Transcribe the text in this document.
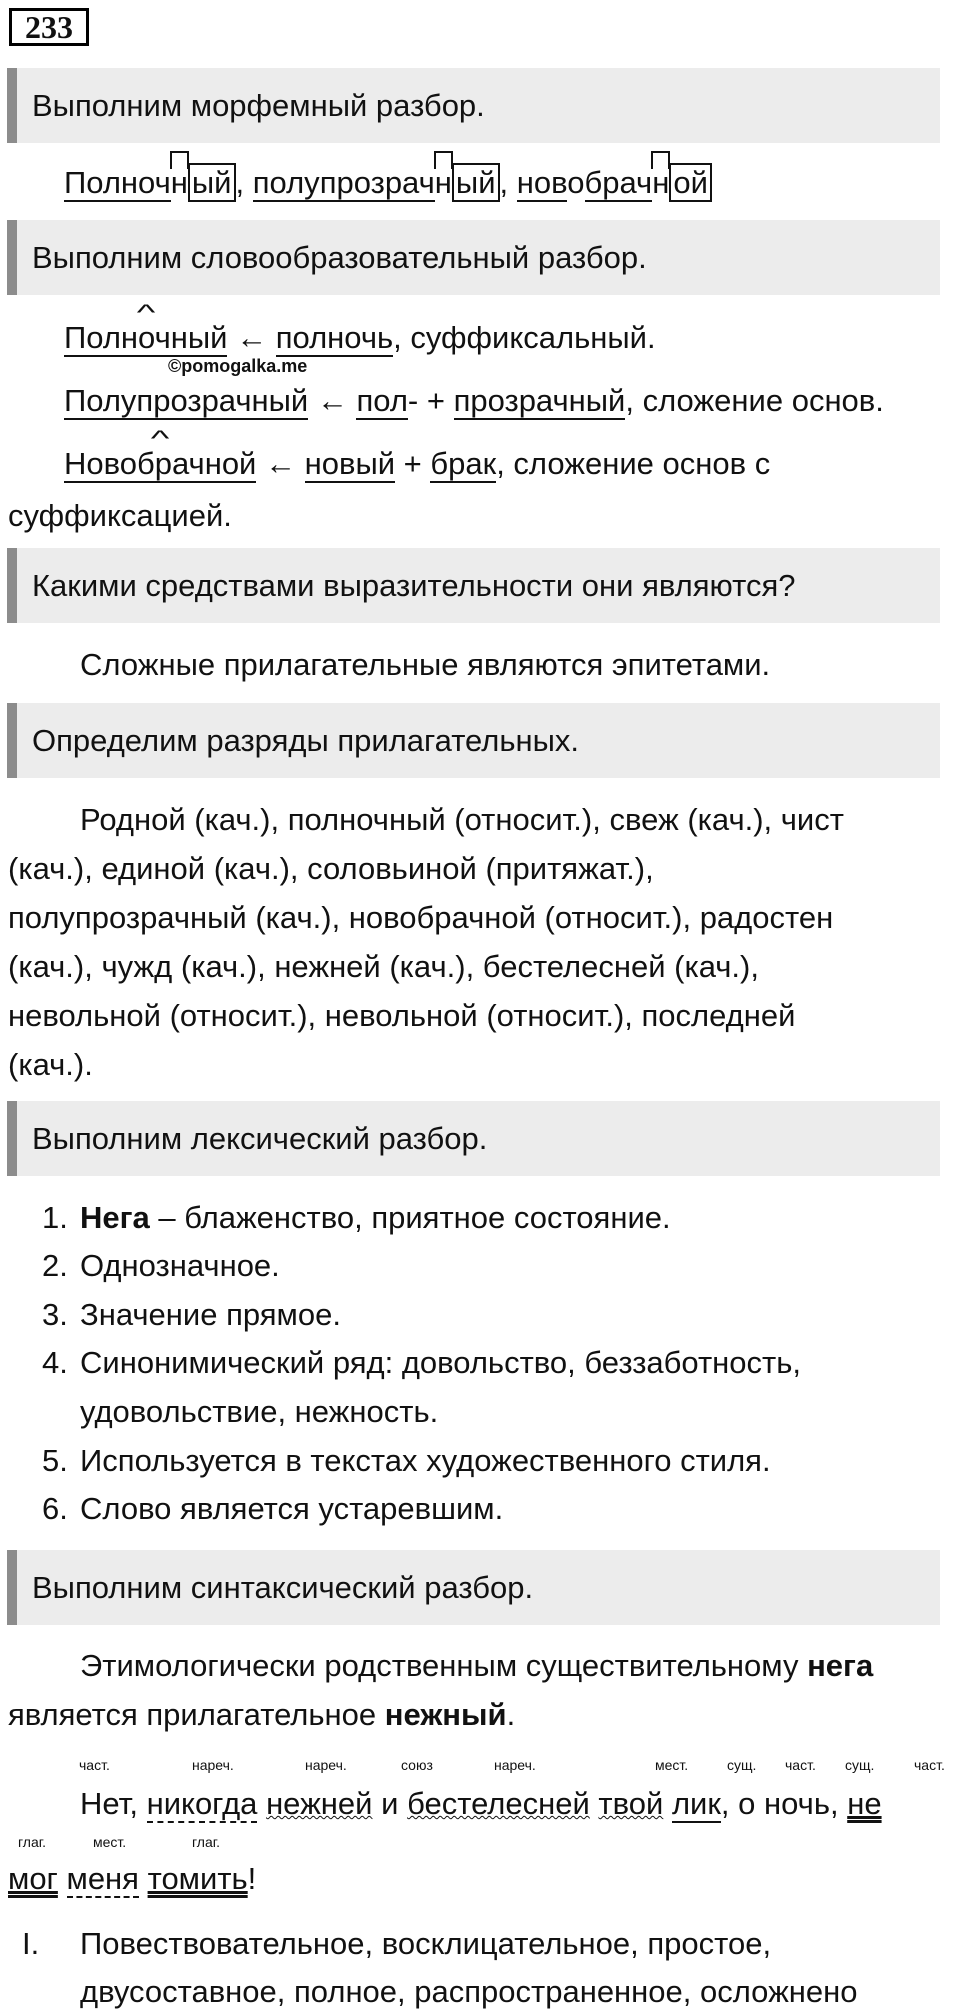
233
Выполним морфемный разбор.
Полночн ый , полупрозрачн ый , новобрачн ой
Выполним словообразовательный разбор.
^ Полночный ← полночь, суффиксальный.
©pomogalka.me
Полупрозрачный ← пол- + прозрачный, сложение основ.
^ Новобрачной ← новый + брак, сложение основ с
суффиксацией.
Какими средствами выразительности они являются?
Сложные прилагательные являются эпитетами.
Определим разряды прилагательных.
Родной (кач.), полночный (относит.), свеж (кач.), чист
(кач.), единой (кач.), соловьиной (притяжат.),
полупрозрачный (кач.), новобрачной (относит.), радостен
(кач.), чужд (кач.), нежней (кач.), бестелесней (кач.),
невольной (относит.), невольной (относит.), последней
(кач.).
Выполним лексический разбор.
1. Нега – блаженство, приятное состояние.
2. Однозначное.
3. Значение прямое.
4. Синонимический ряд: довольство, беззаботность,
удовольствие, нежность.
5. Используется в текстах художественного стиля.
6. Слово является устаревшим.
Выполним синтаксический разбор.
Этимологически родственным существительному нега
является прилагательное нежный.
част.	нареч.	нареч.	союз	нареч.	мест.	сущ. част. сущ.	част.
Нет, никогда нежней и бестелесней твой лик, о ночь, не
глаг.	мест.	глаг.
мог меня томить!
I. Повествовательное, восклицательное, простое,
двусоставное, полное, распространенное, осложнено
